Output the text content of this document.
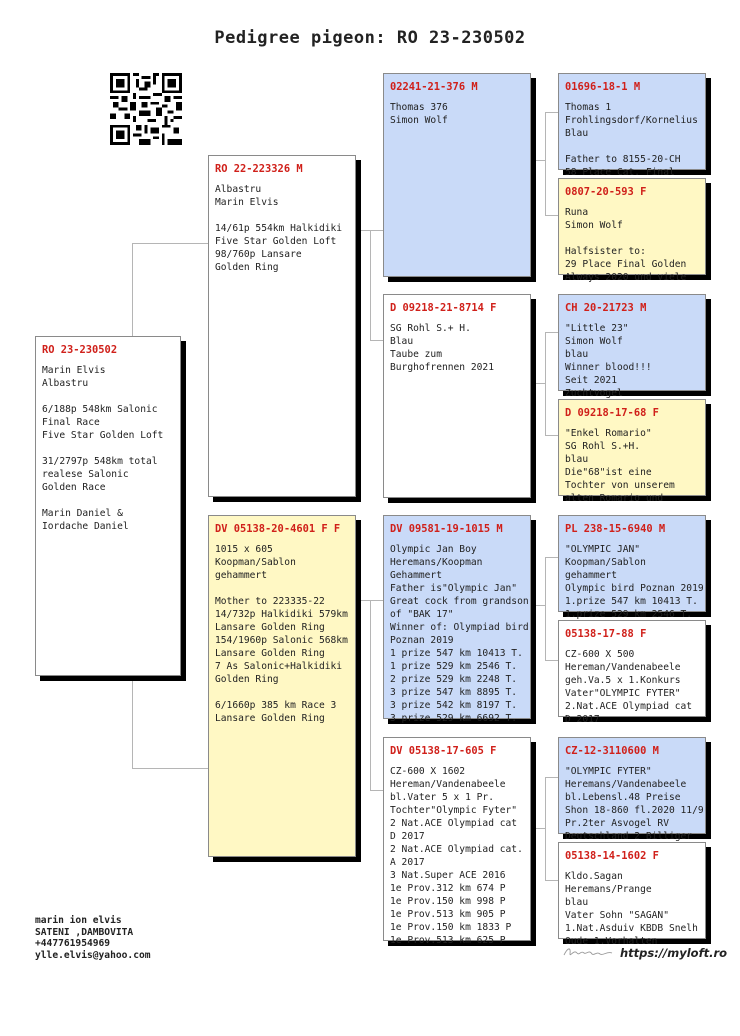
Pedigree pigeon: RO 23-230502
RO 23-230502
Marin Elvis
Albastru
6/188p 548km Salonic
Final Race
Five Star Golden Loft
31/2797p 548km total
realese Salonic
Golden Race
Marin Daniel &
Iordache Daniel
RO 22-223326 M
Albastru
Marin Elvis
14/61p 554km Halkidiki
Five Star Golden Loft
98/760p Lansare
Golden Ring
DV 05138-20-4601 F F
1015 x 605
Koopman/Sablon
gehammert
Mother to 223335-22
14/732p Halkidiki 579km
Lansare Golden Ring
154/1960p Salonic 568km
Lansare Golden Ring
7 As Salonic+Halkidiki
Golden Ring
6/1660p 385 km Race 3
Lansare Golden Ring
02241-21-376 M
Thomas 376
Simon Wolf
D 09218-21-8714 F
SG Rohl S.+ H.
Blau
Taube zum
Burghofrennen 2021
DV 09581-19-1015 M
Olympic Jan Boy
Heremans/Koopman
Gehammert
Father is"Olympic Jan"
Great cock from grandson
of "BAK 17"
Winner of: Olympiad bird
Poznan 2019
1 prize 547 km 10413 T.
1 prize 529 km 2546 T.
2 prize 529 km 2248 T.
3 prize 547 km 8895 T.
3 prize 542 km 8197 T.
3 prize 529 km 6692 T.
DV 05138-17-605 F
CZ-600 X 1602
Hereman/Vandenabeele
bl.Vater 5 x 1 Pr.
Tochter"Olympic Fyter"
2 Nat.ACE Olympiad cat
D 2017
2 Nat.ACE Olympiad cat.
A 2017
3 Nat.Super ACE 2016
1e Prov.312 km 674 P
1e Prov.150 km 998 P
1e Prov.513 km 905 P
1e Prov.150 km 1833 P
1e Prov.513 km 625 P
01696-18-1 M
Thomas 1
Frohlingsdorf/Kornelius
Blau
Father to 8155-20-CH
58 Place Cat. Final
0807-20-593 F
Runa
Simon Wolf
Halfsister to:
29 Place Final Golden
Always 2020 und viele
CH 20-21723 M
"Little 23"
Simon Wolf
blau
Winner blood!!!
Seit 2021
Zuchtvogel
D 09218-17-68 F
"Enkel Romario"
SG Rohl S.+H.
blau
Die"68"ist eine
Tochter von unserem
alten Romario und
PL 238-15-6940 M
"OLYMPIC JAN"
Koopman/Sablon
gehammert
Olympic bird Poznan 2019
1.prize 547 km 10413 T.
1.prize 529 km 2546 T.
05138-17-88 F
CZ-600 X 500
Hereman/Vandenabeele
geh.Va.5 x 1.Konkurs
Vater"OLYMPIC FYTER"
2.Nat.ACE Olympiad cat
D 2017
CZ-12-3110600 M
"OLYMPIC FYTER"
Heremans/Vandenabeele
bl.Lebensl.48 Preise
Shon 18-860 fl.2020 11/9
Pr.2ter Asvogel RV
Deutschland 2 Billiger
05138-14-1602 F
Kldo.Sagan
Heremans/Prange
blau
Vater Sohn "SAGAN"
1.Nat.Asduiv KBDB Snelh
Oude 1.Vorhalten
marin ion elvis
SATENI ,DAMBOVITA
+447761954969
ylle.elvis@yahoo.com	https://myloft.ro
